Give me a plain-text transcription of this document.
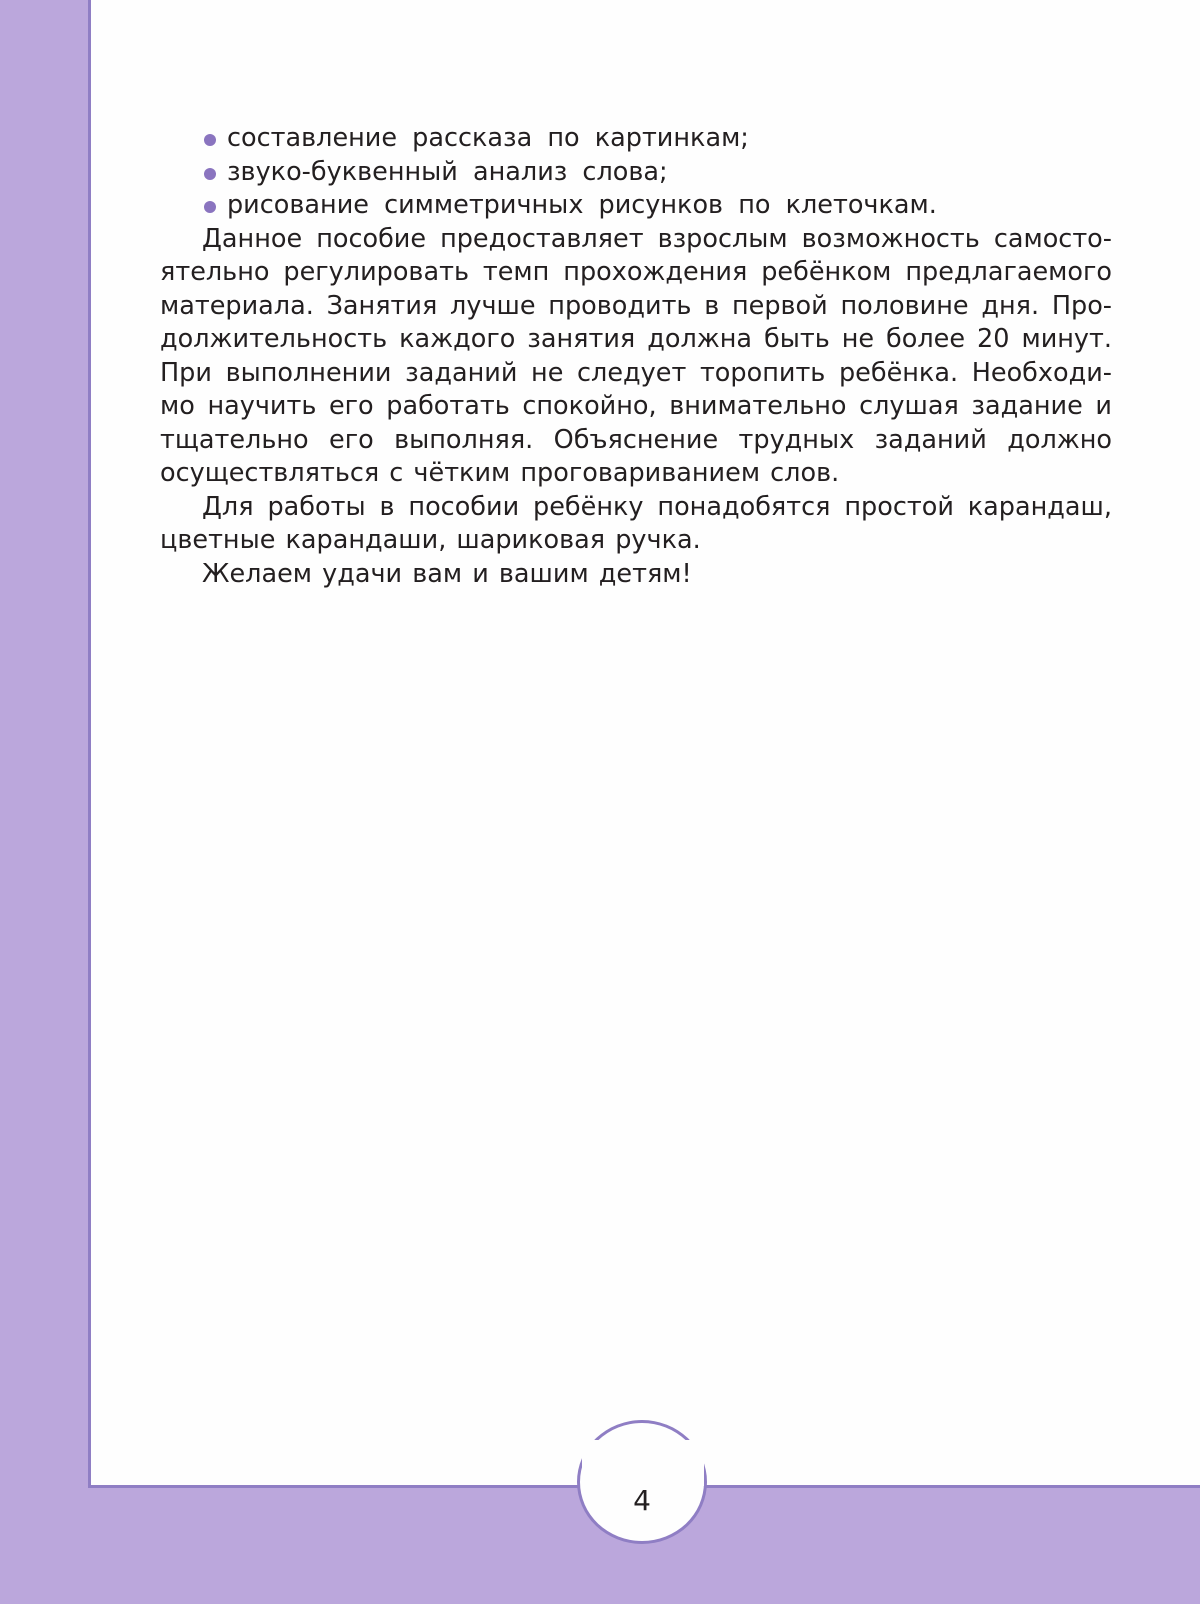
составление рассказа по картинкам;
звуко-буквенный анализ слова;
рисование симметричных рисунков по клеточкам.

Данное пособие предоставляет взрослым возможность самостоятельно регулировать темп прохождения ребёнком предлагаемого материала. Занятия лучше проводить в первой половине дня. Продолжительность каждого занятия должна быть не более 20 минут. При выполнении заданий не следует торопить ребёнка. Необходимо научить его работать спокойно, внимательно слушая задание и тщательно его выполняя. Объяснение трудных заданий должно осуществляться с чётким проговариванием слов.

Для работы в пособии ребёнку понадобятся простой карандаш, цветные карандаши, шариковая ручка.

Желаем удачи вам и вашим детям!

4
